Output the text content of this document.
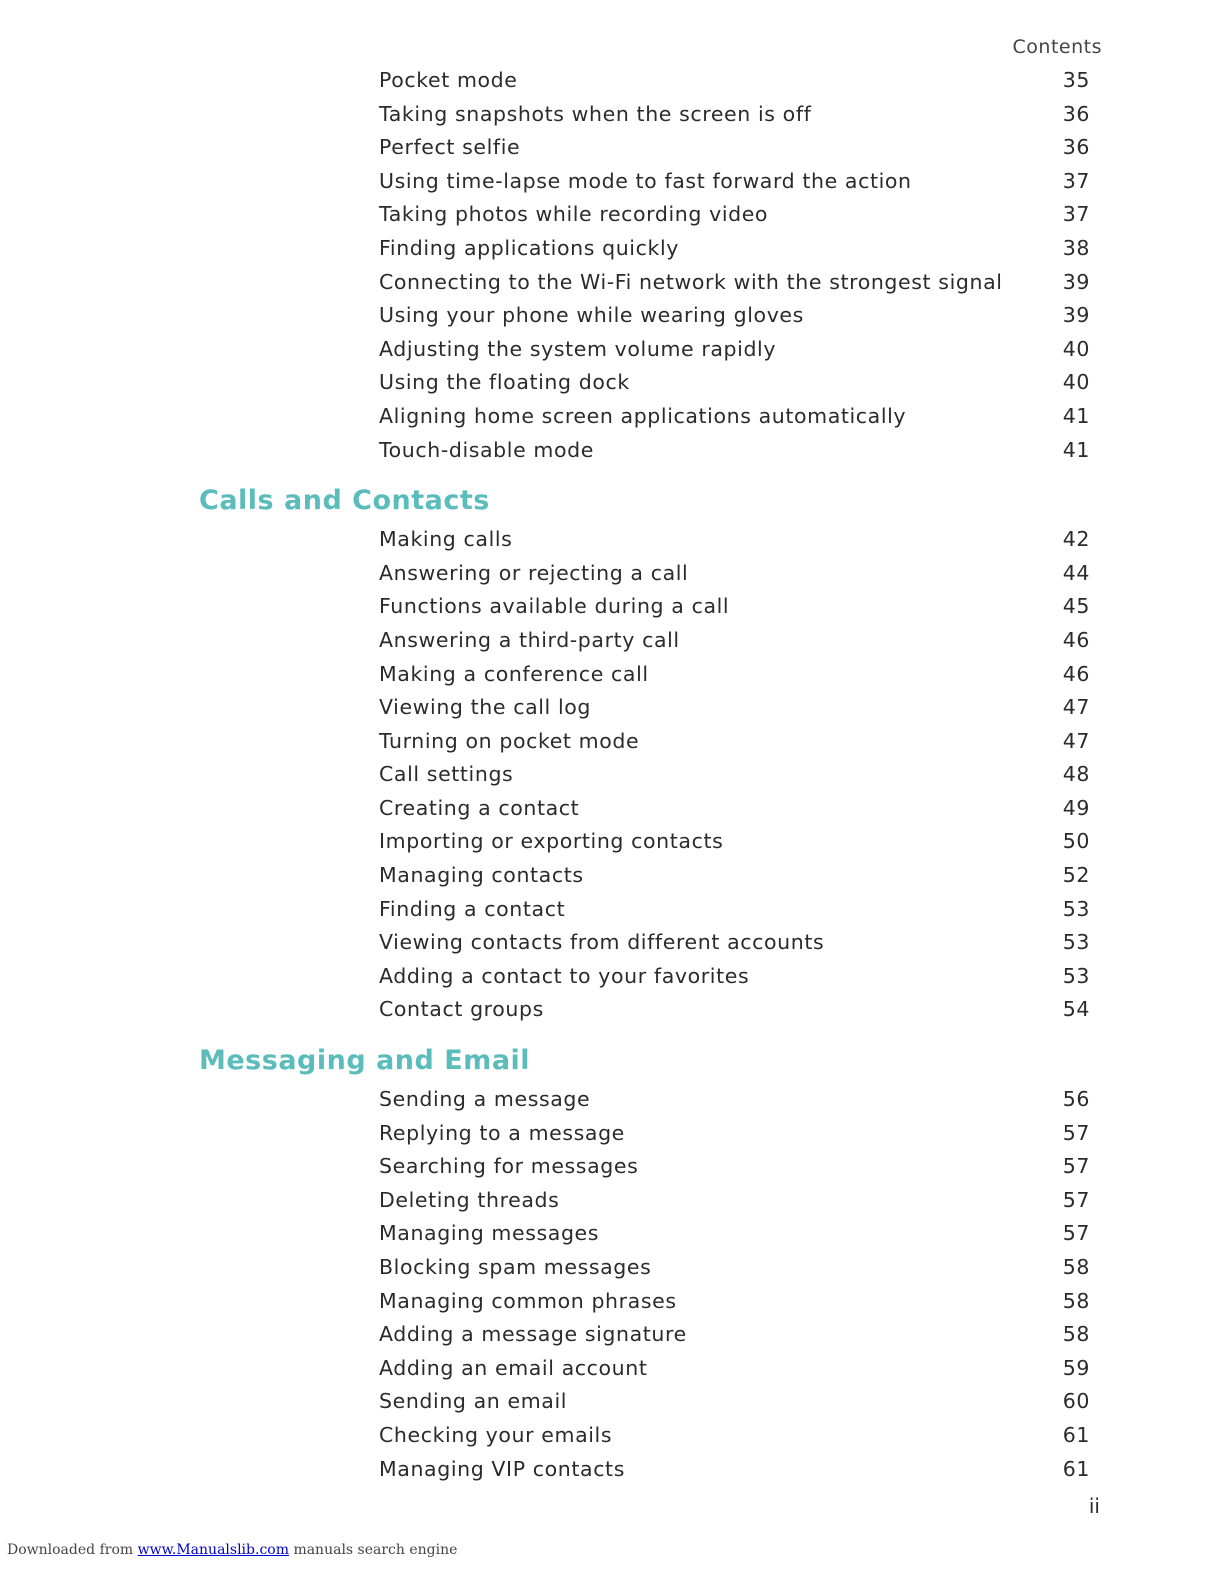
Contents
Pocket mode	35
Taking snapshots when the screen is off	36
Perfect selfie	36
Using time-lapse mode to fast forward the action	37
Taking photos while recording video	37
Finding applications quickly	38
Connecting to the Wi-Fi network with the strongest signal	39
Using your phone while wearing gloves	39
Adjusting the system volume rapidly	40
Using the floating dock	40
Aligning home screen applications automatically	41
Touch-disable mode	41
Calls and Contacts
Making calls	42
Answering or rejecting a call	44
Functions available during a call	45
Answering a third-party call	46
Making a conference call	46
Viewing the call log	47
Turning on pocket mode	47
Call settings	48
Creating a contact	49
Importing or exporting contacts	50
Managing contacts	52
Finding a contact	53
Viewing contacts from different accounts	53
Adding a contact to your favorites	53
Contact groups	54
Messaging and Email
Sending a message	56
Replying to a message	57
Searching for messages	57
Deleting threads	57
Managing messages	57
Blocking spam messages	58
Managing common phrases	58
Adding a message signature	58
Adding an email account	59
Sending an email	60
Checking your emails	61
Managing VIP contacts	61
ii
Downloaded from www.Manualslib.com manuals search engine
